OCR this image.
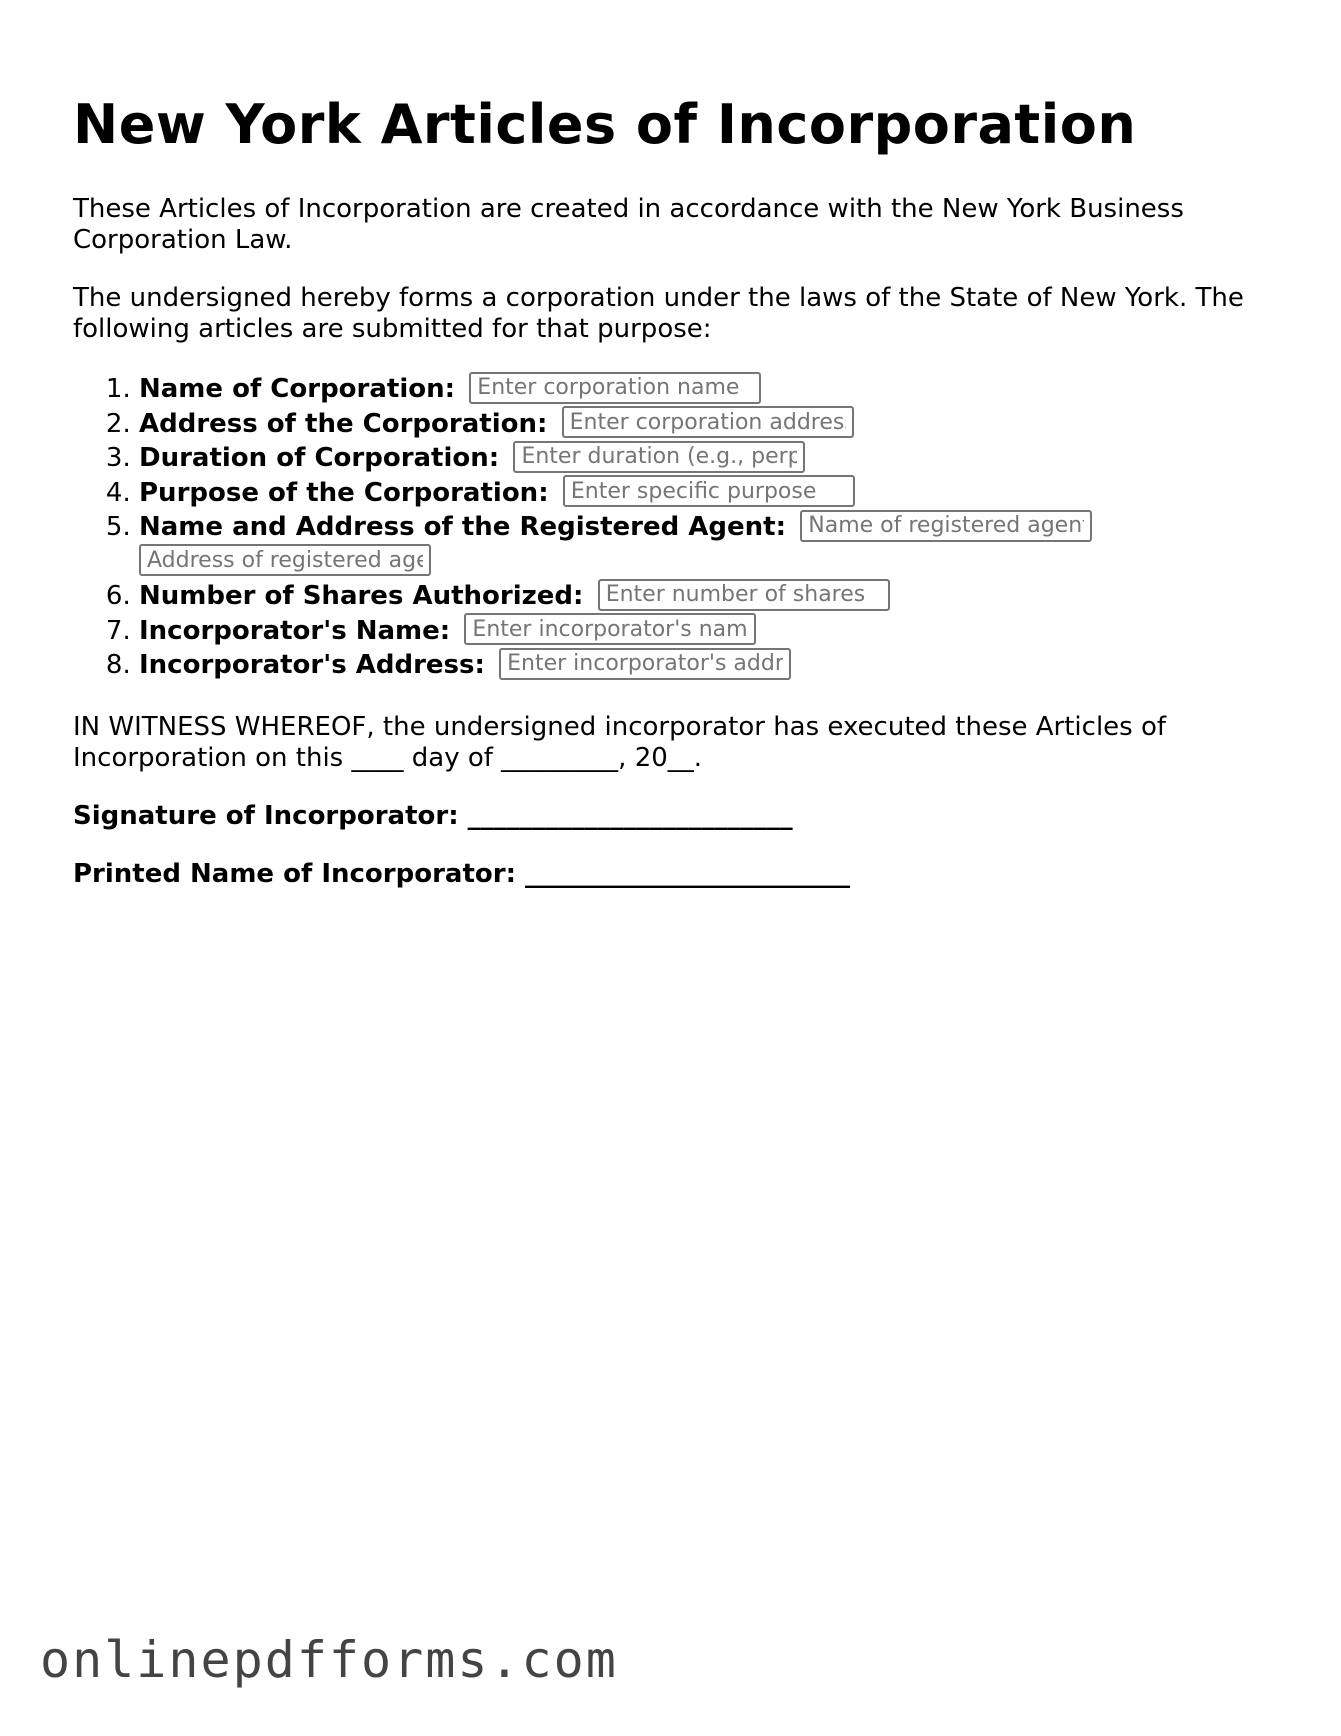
New York Articles of Incorporation

These Articles of Incorporation are created in accordance with the New York Business Corporation Law.

The undersigned hereby forms a corporation under the laws of the State of New York. The following articles are submitted for that purpose:

1. Name of Corporation: Enter corporation name
2. Address of the Corporation: Enter corporation address, including street, city, and zip code
3. Duration of Corporation: Enter duration (e.g., perpetual)
4. Purpose of the Corporation: Enter specific purpose
5. Name and Address of the Registered Agent: Name of registered agent
Address of registered agent
6. Number of Shares Authorized: Enter number of shares
7. Incorporator's Name: Enter incorporator's name
8. Incorporator's Address: Enter incorporator's address

IN WITNESS WHEREOF, the undersigned incorporator has executed these Articles of Incorporation on this ____ day of _________, 20__.

Signature of Incorporator: _________________________
Printed Name of Incorporator: _________________________
onlinepdfforms.com
